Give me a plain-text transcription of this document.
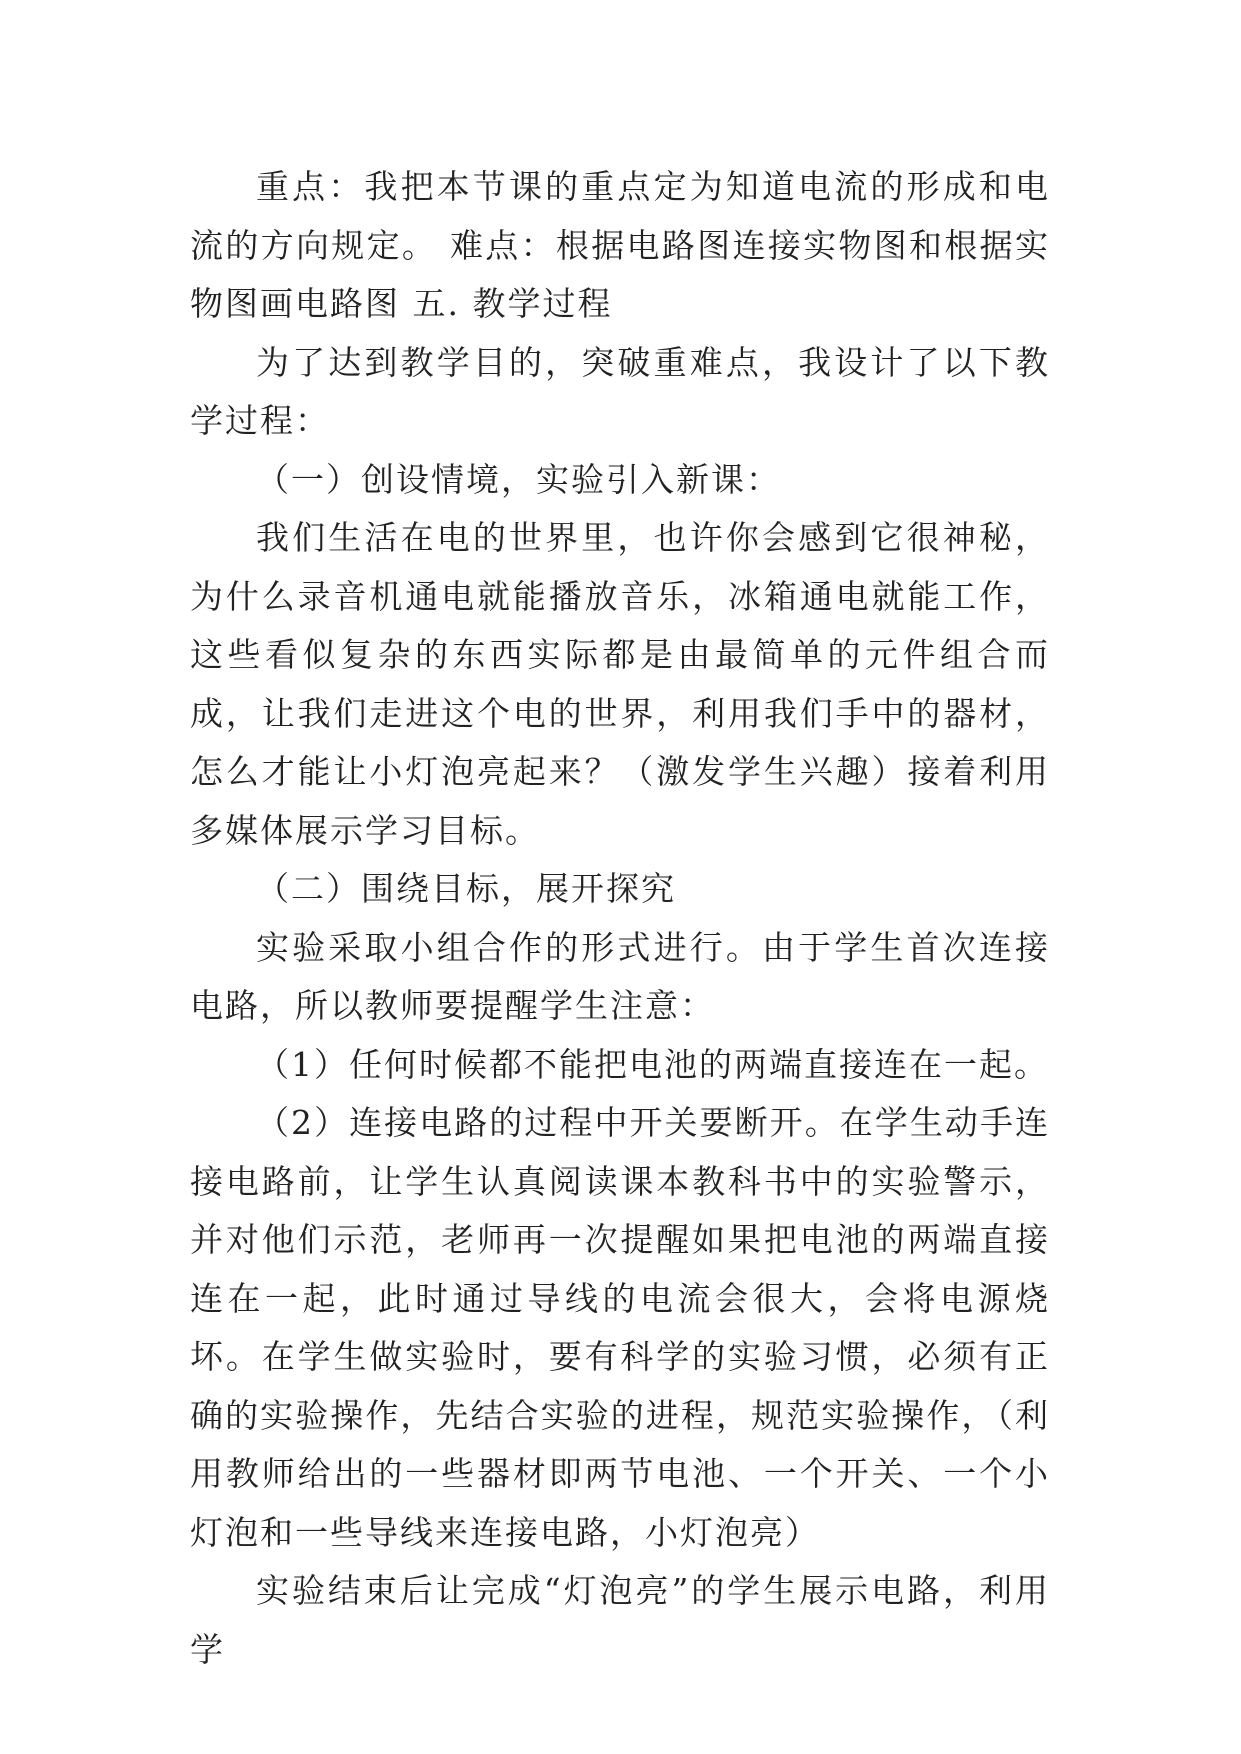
重点：我把本节课的重点定为知道电流的形成和电流的方向规定。 难点：根据电路图连接实物图和根据实物图画电路图 五. 教学过程

为了达到教学目的，突破重难点，我设计了以下教学过程：

（一）创设情境，实验引入新课：

我们生活在电的世界里，也许你会感到它很神秘，为什么录音机通电就能播放音乐，冰箱通电就能工作，这些看似复杂的东西实际都是由最简单的元件组合而成，让我们走进这个电的世界，利用我们手中的器材，怎么才能让小灯泡亮起来？（激发学生兴趣）接着利用多媒体展示学习目标。

（二）围绕目标，展开探究

实验采取小组合作的形式进行。由于学生首次连接电路，所以教师要提醒学生注意：

（1）任何时候都不能把电池的两端直接连在一起。

（2）连接电路的过程中开关要断开。在学生动手连接电路前，让学生认真阅读课本教科书中的实验警示，并对他们示范，老师再一次提醒如果把电池的两端直接连在一起，此时通过导线的电流会很大，会将电源烧坏。在学生做实验时，要有科学的实验习惯，必须有正确的实验操作，先结合实验的进程，规范实验操作，（利用教师给出的一些器材即两节电池、一个开关、一个小灯泡和一些导线来连接电路，小灯泡亮）

实验结束后让完成“灯泡亮”的学生展示电路，利用学
